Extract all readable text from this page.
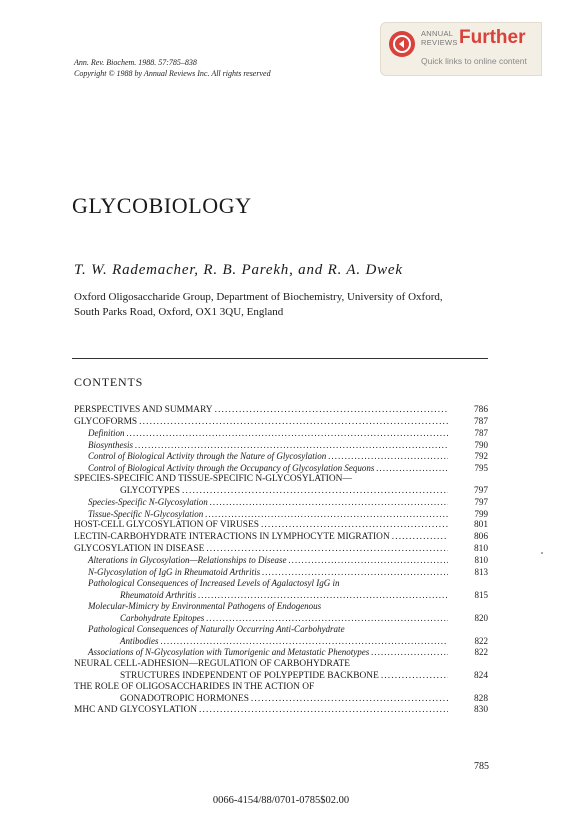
ANNUAL
REVIEWS Further
Quick links to online content
Ann. Rev. Biochem. 1988. 57:785–838
Copyright © 1988 by Annual Reviews Inc. All rights reserved
GLYCOBIOLOGY
T. W. Rademacher, R. B. Parekh, and R. A. Dwek
Oxford Oligosaccharide Group, Department of Biochemistry, University of Oxford,
South Parks Road, Oxford, OX1 3QU, England
CONTENTS
PERSPECTIVES AND SUMMARY . . .	786
GLYCOFORMS . . .	787
Definition . . .	787
Biosynthesis . . .	790
Control of Biological Activity through the Nature of Glycosylation . . .	792
Control of Biological Activity through the Occupancy of Glycosylation Sequons . . .	795
SPECIES-SPECIFIC AND TISSUE-SPECIFIC N-GLYCOSYLATION—
GLYCOTYPES . . .	797
Species-Specific N-Glycosylation . . .	797
Tissue-Specific N-Glycosylation . . .	799
HOST-CELL GLYCOSYLATION OF VIRUSES . . .	801
LECTIN-CARBOHYDRATE INTERACTIONS IN LYMPHOCYTE MIGRATION . . .	806
GLYCOSYLATION IN DISEASE . . .	810
Alterations in Glycosylation—Relationships to Disease . . .	810
N-Glycosylation of IgG in Rheumatoid Arthritis . . .	813
Pathological Consequences of Increased Levels of Agalactosyl IgG in
Rheumatoid Arthritis . . .	815
Molecular-Mimicry by Environmental Pathogens of Endogenous
Carbohydrate Epitopes . . .	820
Pathological Consequences of Naturally Occurring Anti-Carbohydrate
Antibodies . . .	822
Associations of N-Glycosylation with Tumorigenic and Metastatic Phenotypes . . .	822
NEURAL CELL-ADHESION—REGULATION OF CARBOHYDRATE
STRUCTURES INDEPENDENT OF POLYPEPTIDE BACKBONE . . .	824
THE ROLE OF OLIGOSACCHARIDES IN THE ACTION OF
GONADOTROPIC HORMONES . . .	828
MHC AND GLYCOSYLATION . . .	830
785
0066-4154/88/0701-0785$02.00
